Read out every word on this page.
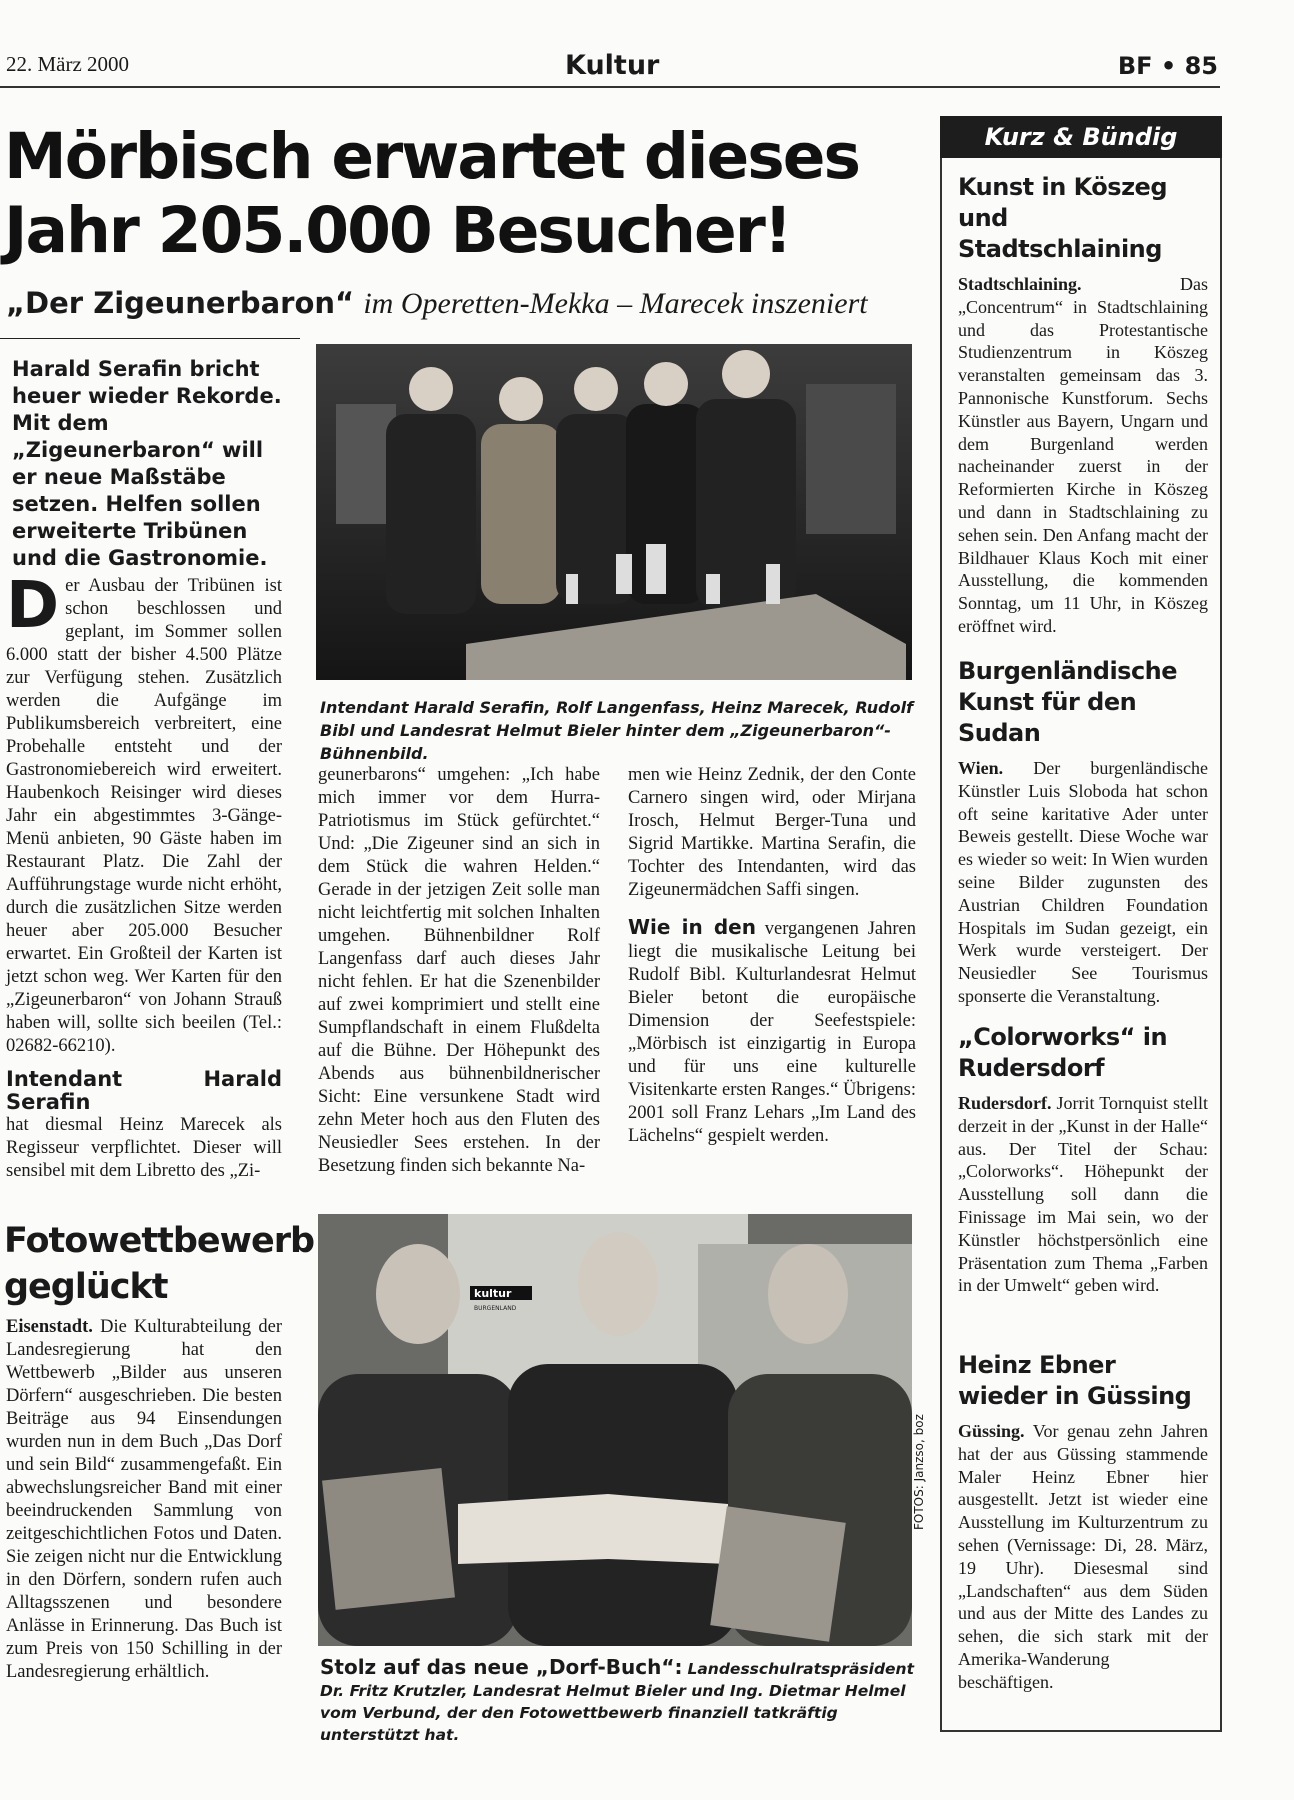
22. März 2000	Kultur	BF • 85
Mörbisch erwartet dieses
Jahr 205.000 Besucher!
„Der Zigeunerbaron“ im Operetten-Mekka – Marecek inszeniert
Harald Serafin bricht heuer wieder Rekorde. Mit dem „Zigeunerbaron“ will er neue Maßstäbe setzen. Helfen sollen erweiterte Tribünen und die Gastronomie.
D er Ausbau der Tribünen ist schon beschlossen und geplant, im Sommer sollen 6.000 statt der bisher 4.500 Plätze zur Verfügung stehen. Zusätzlich werden die Aufgänge im Publikumsbereich verbreitert, eine Probehalle entsteht und der Gastronomiebereich wird erweitert. Haubenkoch Reisinger wird dieses Jahr ein abgestimmtes 3-Gänge-Menü anbieten, 90 Gäste haben im Restaurant Platz. Die Zahl der Aufführungstage wurde nicht erhöht, durch die zusätzlichen Sitze werden heuer aber 205.000 Besucher erwartet. Ein Großteil der Karten ist jetzt schon weg. Wer Karten für den „Zigeunerbaron“ von Johann Strauß haben will, sollte sich beeilen (Tel.: 02682-66210).
Intendant Harald Serafin
hat diesmal Heinz Marecek als Regisseur verpflichtet. Dieser will sensibel mit dem Libretto des „Zi-
Intendant Harald Serafin, Rolf Langenfass, Heinz Marecek, Rudolf Bibl und Landesrat Helmut Bieler hinter dem „Zigeunerbaron“-Bühnenbild.
geunerbarons“ umgehen: „Ich habe mich immer vor dem Hurra-Patriotismus im Stück gefürchtet.“ Und: „Die Zigeuner sind an sich in dem Stück die wahren Helden.“ Gerade in der jetzigen Zeit solle man nicht leichtfertig mit solchen Inhalten umgehen. Bühnenbildner Rolf Langenfass darf auch dieses Jahr nicht fehlen. Er hat die Szenenbilder auf zwei komprimiert und stellt eine Sumpflandschaft in einem Flußdelta auf die Bühne. Der Höhepunkt des Abends aus bühnenbildnerischer Sicht: Eine versunkene Stadt wird zehn Meter hoch aus den Fluten des Neusiedler Sees erstehen. In der Besetzung finden sich bekannte Na-
men wie Heinz Zednik, der den Conte Carnero singen wird, oder Mirjana Irosch, Helmut Berger-Tuna und Sigrid Martikke. Martina Serafin, die Tochter des Intendanten, wird das Zigeunermädchen Saffi singen.
Wie in den vergangenen Jahren liegt die musikalische Leitung bei Rudolf Bibl. Kulturlandesrat Helmut Bieler betont die europäische Dimension der Seefestspiele: „Mörbisch ist einzigartig in Europa und für uns eine kulturelle Visitenkarte ersten Ranges.“ Übrigens: 2001 soll Franz Lehars „Im Land des Lächelns“ gespielt werden.
Fotowettbewerb
geglückt
Eisenstadt. Die Kulturabteilung der Landesregierung hat den Wettbewerb „Bilder aus unseren Dörfern“ ausgeschrieben. Die besten Beiträge aus 94 Einsendungen wurden nun in dem Buch „Das Dorf und sein Bild“ zusammengefaßt. Ein abwechslungsreicher Band mit einer beeindruckenden Sammlung von zeitgeschichtlichen Fotos und Daten. Sie zeigen nicht nur die Entwicklung in den Dörfern, sondern rufen auch Alltagsszenen und besondere Anlässe in Erinnerung. Das Buch ist zum Preis von 150 Schilling in der Landesregierung erhältlich.
kultur
BURGENLAND
FOTOS: Janzso, boz
Stolz auf das neue „Dorf-Buch“: Landesschulratspräsident Dr. Fritz Krutzler, Landesrat Helmut Bieler und Ing. Dietmar Helmel vom Verbund, der den Fotowettbewerb finanziell tatkräftig unterstützt hat.
Kurz & Bündig
Kunst in Köszeg und Stadtschlaining
Stadtschlaining.	Das „Concentrum“ in Stadtschlaining und das Protestantische Studienzentrum in Köszeg veranstalten gemeinsam das 3. Pannonische Kunstforum. Sechs Künstler aus Bayern, Ungarn und dem Burgenland werden nacheinander zuerst in der Reformierten Kirche in Köszeg und dann in Stadtschlaining zu sehen sein. Den Anfang macht der Bildhauer Klaus Koch mit einer Ausstellung, die kommenden Sonntag, um 11 Uhr, in Köszeg eröffnet wird.
Burgenländische Kunst für den Sudan
Wien. Der burgenländische Künstler Luis Sloboda hat schon oft seine karitative Ader unter Beweis gestellt. Diese Woche war es wieder so weit: In Wien wurden seine Bilder zugunsten des Austrian Children Foundation Hospitals im Sudan gezeigt, ein Werk wurde versteigert. Der Neusiedler See Tourismus sponserte die Veranstaltung.
„Colorworks“ in Rudersdorf
Rudersdorf. Jorrit Tornquist stellt derzeit in der „Kunst in der Halle“ aus. Der Titel der Schau: „Colorworks“. Höhepunkt der Ausstellung soll dann die Finissage im Mai sein, wo der Künstler höchstpersönlich eine Präsentation zum Thema „Farben in der Umwelt“ geben wird.
Heinz Ebner wieder in Güssing
Güssing. Vor genau zehn Jahren hat der aus Güssing stammende Maler Heinz Ebner hier ausgestellt. Jetzt ist wieder eine Ausstellung im Kulturzentrum zu sehen (Vernissage: Di, 28. März, 19 Uhr). Diesesmal sind „Landschaften“ aus dem Süden und aus der Mitte des Landes zu sehen, die sich stark mit der Amerika-Wanderung beschäftigen.
